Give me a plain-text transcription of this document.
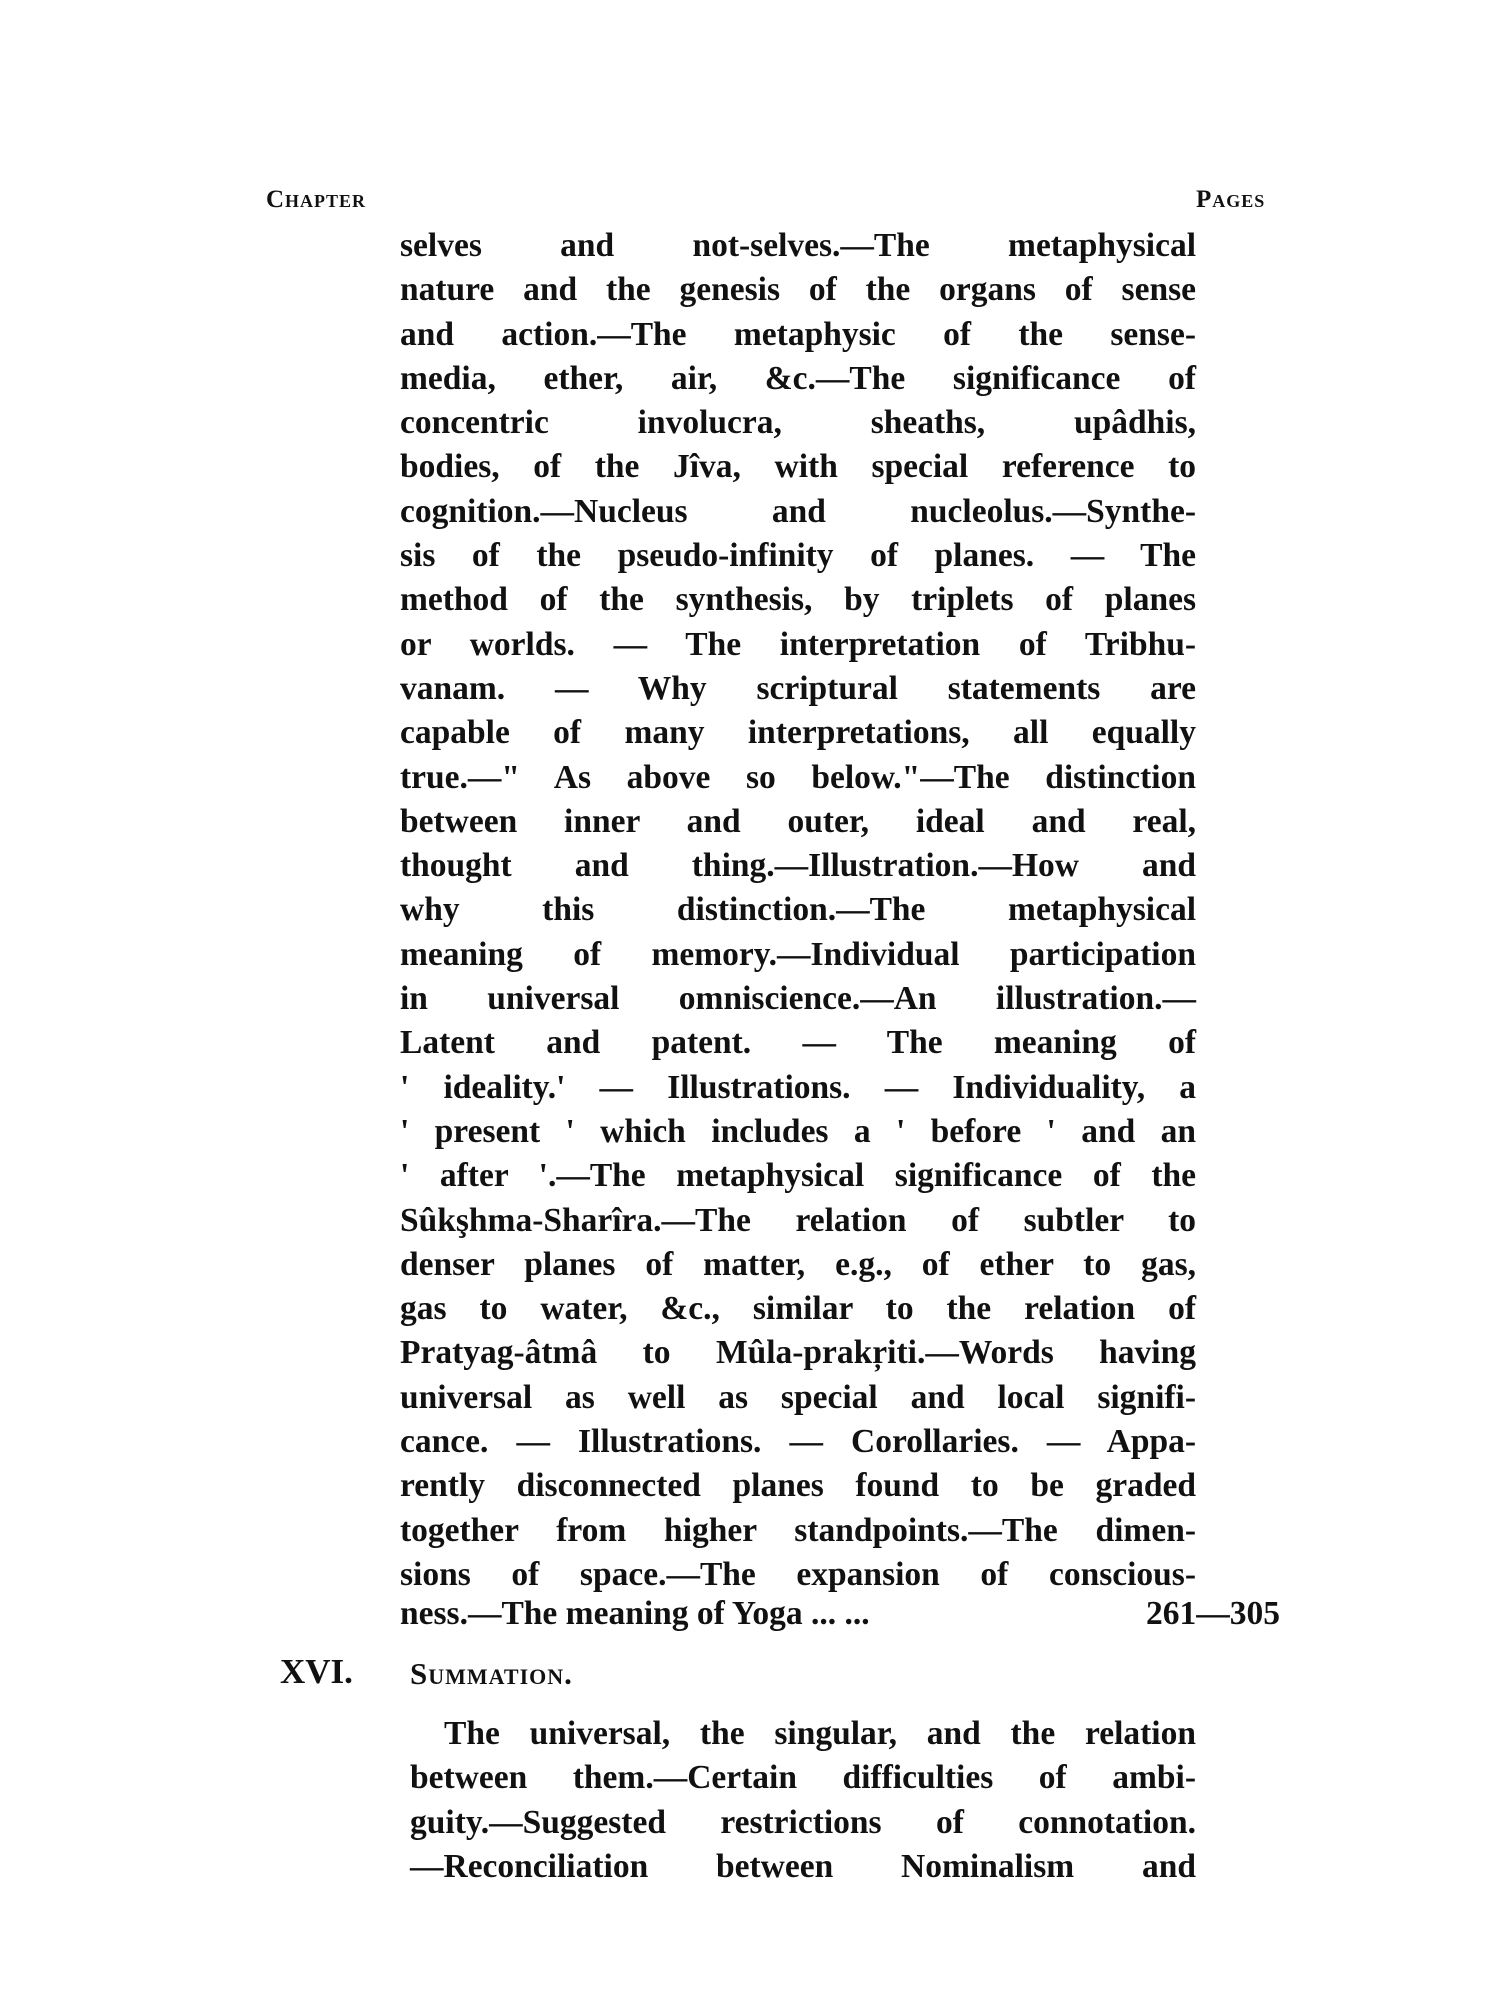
Chapter	Pages
selves and not-selves.—The metaphysical
nature and the genesis of the organs of sense
and action.—The metaphysic of the sense-
media, ether, air, &c.—The significance of
concentric involucra, sheaths, upâdhis,
bodies, of the Jîva, with special reference to
cognition.—Nucleus and nucleolus.—Synthe-
sis of the pseudo-infinity of planes. — The
method of the synthesis, by triplets of planes
or worlds. — The interpretation of Tribhu-
vanam. — Why scriptural statements are
capable of many interpretations, all equally
true.—" As above so below."—The distinction
between inner and outer, ideal and real,
thought and thing.—Illustration.—How and
why this distinction.—The metaphysical
meaning of memory.—Individual participation
in universal omniscience.—An illustration.—
Latent and patent. — The meaning of
' ideality.' — Illustrations. — Individuality, a
' present ' which includes a ' before ' and an
' after '.—The metaphysical significance of the
Sûkşhma-Sharîra.—The relation of subtler to
denser planes of matter, e.g., of ether to gas,
gas to water, &c., similar to the relation of
Pratyag-âtmâ to Mûla-prakŗiti.—Words having
universal as well as special and local signifi-
cance. — Illustrations. — Corollaries. — Appa-
rently disconnected planes found to be graded
together from higher standpoints.—The dimen-
sions of space.—The expansion of conscious-
ness.—The meaning of Yoga ... ...	261—305
XVI. Summation.
The universal, the singular, and the relation
between them.—Certain difficulties of ambi-
guity.—Suggested restrictions of connotation.
—Reconciliation between Nominalism and
